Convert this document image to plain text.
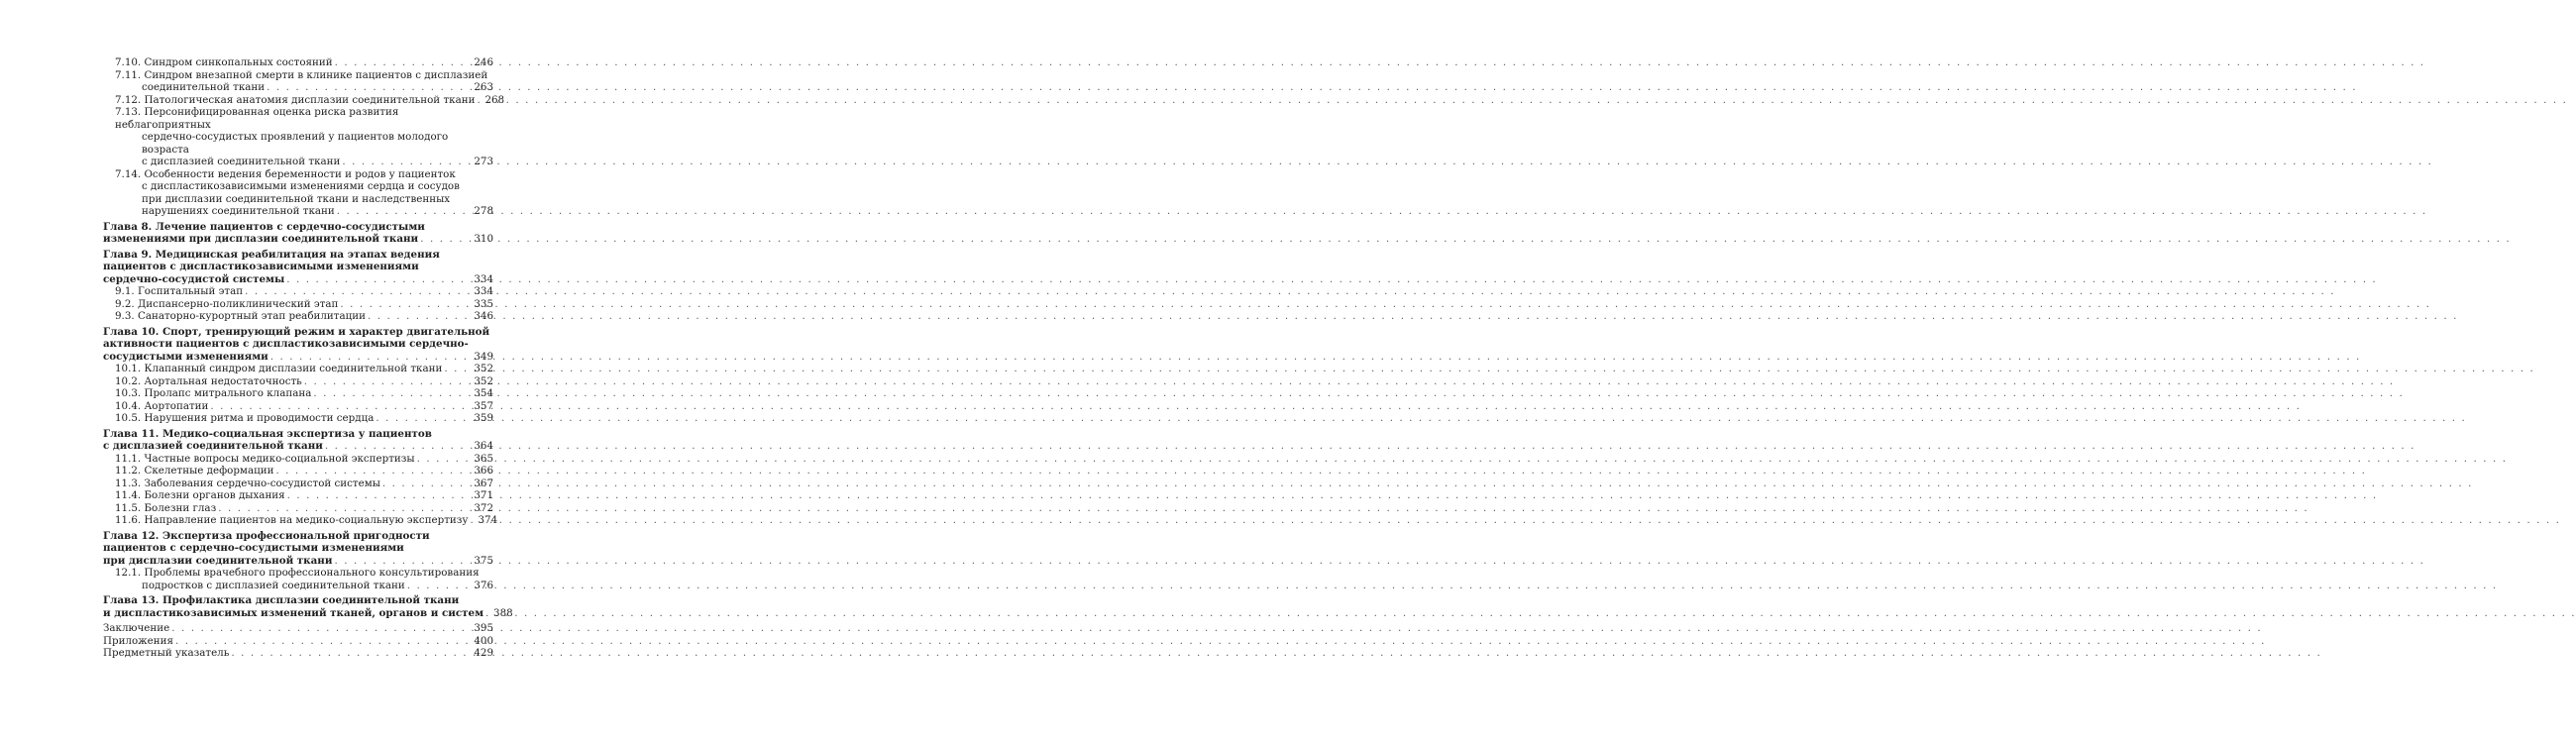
7.10. Синдром синкопальных состояний . . .	246
7.11. Синдром внезапной смерти в клинике пациентов с дисплазией
соединительной ткани . . .	263
7.12. Патологическая анатомия дисплазии соединительной ткани . . . 268
7.13. Персонифицированная оценка риска развития неблагоприятных
сердечно-сосудистых проявлений у пациентов молодого возраста
с дисплазией соединительной ткани . . .	273
7.14. Особенности ведения беременности и родов у пациенток
с диспластикозависимыми изменениями сердца и сосудов
при дисплазии соединительной ткани и наследственных
нарушениях соединительной ткани . . .	278
Глава 8. Лечение пациентов с сердечно-сосудистыми
изменениями при дисплазии соединительной ткани . . .	310
Глава 9. Медицинская реабилитация на этапах ведения
пациентов с диспластикозависимыми изменениями
сердечно-сосудистой системы . . .	334
9.1. Госпитальный этап . . .	334
9.2. Диспансерно-поликлинический этап . . .	335
9.3. Санаторно-курортный этап реабилитации . . .	346
Глава 10. Спорт, тренирующий режим и характер двигательной
активности пациентов с диспластикозависимыми сердечно-
сосудистыми изменениями . . .	349
10.1. Клапанный синдром дисплазии соединительной ткани . . .	352
10.2. Аортальная недостаточность . . .	352
10.3. Пролапс митрального клапана . . .	354
10.4. Аортопатии . . .	357
10.5. Нарушения ритма и проводимости сердца . . .	359
Глава 11. Медико-социальная экспертиза у пациентов
с дисплазией соединительной ткани . . .	364
11.1. Частные вопросы медико-социальной экспертизы . . .	365
11.2. Скелетные деформации . . .	366
11.3. Заболевания сердечно-сосудистой системы . . .	367
11.4. Болезни органов дыхания . . .	371
11.5. Болезни глаз . . .	372
11.6. Направление пациентов на медико-социальную экспертизу . . . 374
Глава 12. Экспертиза профессиональной пригодности
пациентов с сердечно-сосудистыми изменениями
при дисплазии соединительной ткани . . .	375
12.1. Проблемы врачебного профессионального консультирования
подростков с дисплазией соединительной ткани . . .	376
Глава 13. Профилактика дисплазии соединительной ткани
и диспластикозависимых изменений тканей, органов и систем . . . 388
Заключение . . .	395
Приложения . . .	400
Предметный указатель . . .	429
